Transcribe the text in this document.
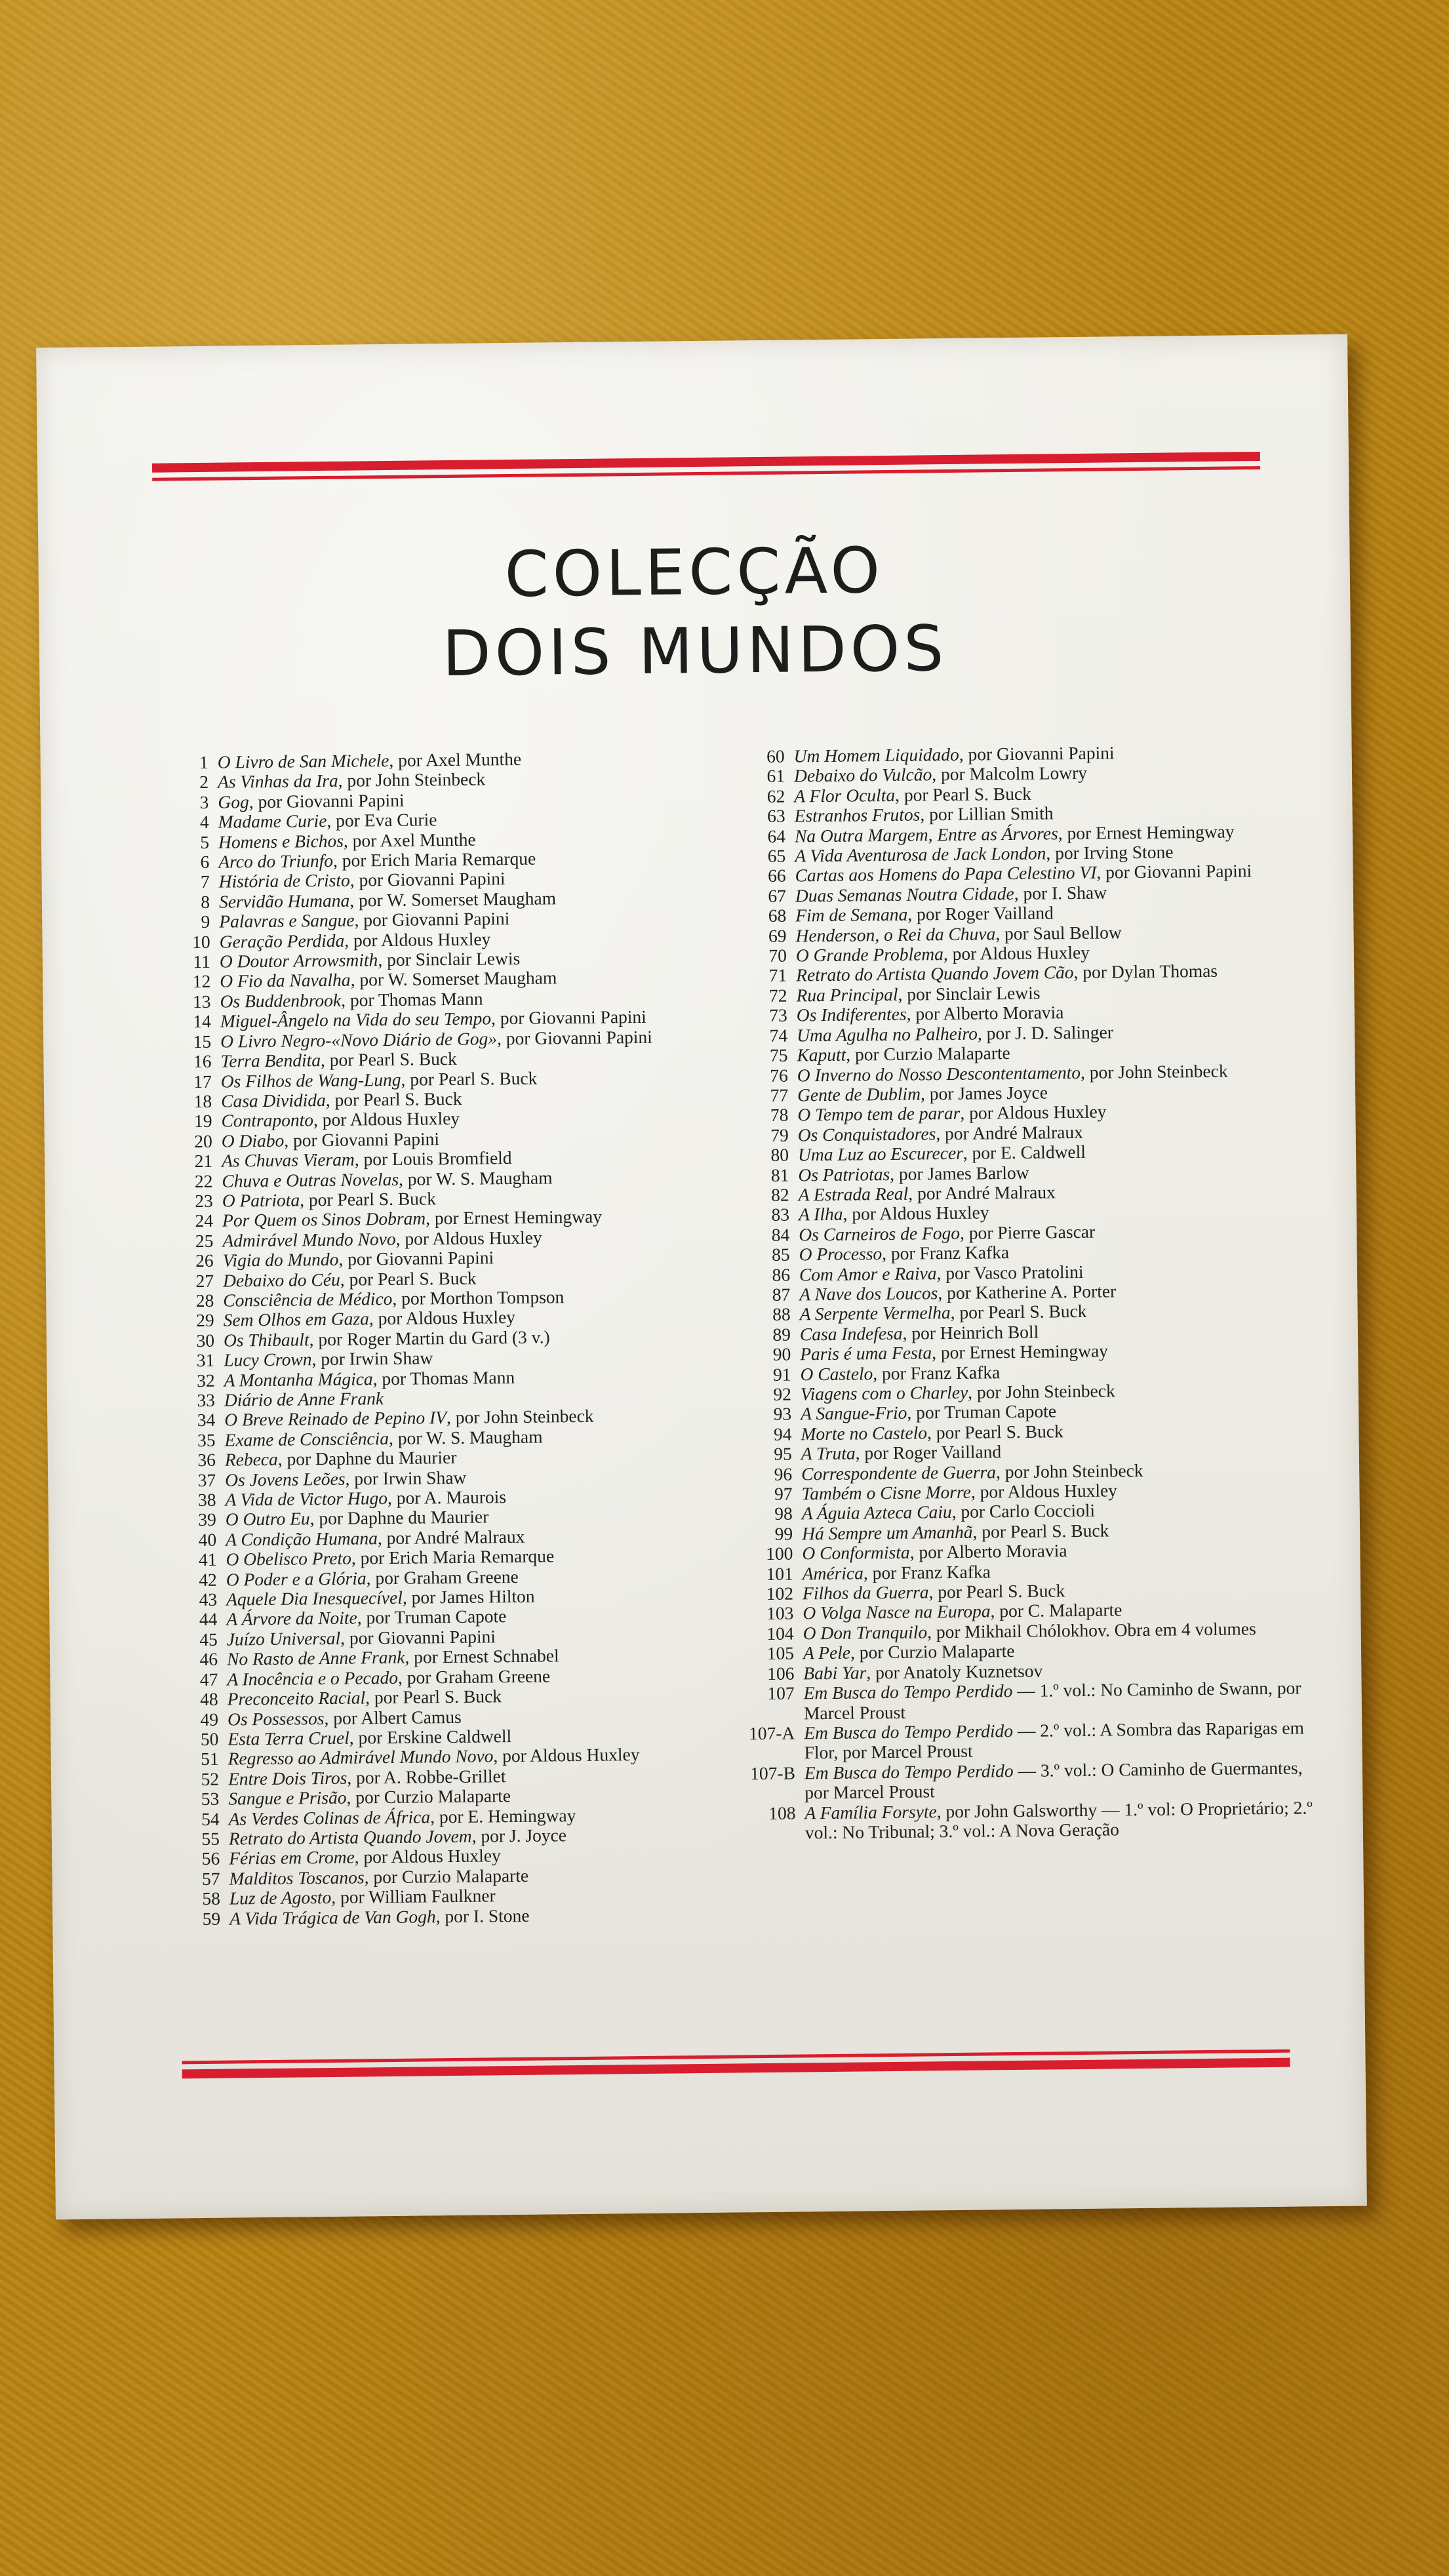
COLECÇÃO
DOIS MUNDOS
1 O Livro de San Michele, por Axel Munthe
2 As Vinhas da Ira, por John Steinbeck
3 Gog, por Giovanni Papini
4 Madame Curie, por Eva Curie
5 Homens e Bichos, por Axel Munthe
6 Arco do Triunfo, por Erich Maria Remarque
7 História de Cristo, por Giovanni Papini
8 Servidão Humana, por W. Somerset Maugham
9 Palavras e Sangue, por Giovanni Papini
10 Geração Perdida, por Aldous Huxley
11 O Doutor Arrowsmith, por Sinclair Lewis
12 O Fio da Navalha, por W. Somerset Maugham
13 Os Buddenbrook, por Thomas Mann
14 Miguel-Ângelo na Vida do seu Tempo, por Giovanni Papini
15 O Livro Negro-«Novo Diário de Gog», por Giovanni Papini
16 Terra Bendita, por Pearl S. Buck
17 Os Filhos de Wang-Lung, por Pearl S. Buck
18 Casa Dividida, por Pearl S. Buck
19 Contraponto, por Aldous Huxley
20 O Diabo, por Giovanni Papini
21 As Chuvas Vieram, por Louis Bromfield
22 Chuva e Outras Novelas, por W. S. Maugham
23 O Patriota, por Pearl S. Buck
24 Por Quem os Sinos Dobram, por Ernest Hemingway
25 Admirável Mundo Novo, por Aldous Huxley
26 Vigia do Mundo, por Giovanni Papini
27 Debaixo do Céu, por Pearl S. Buck
28 Consciência de Médico, por Morthon Tompson
29 Sem Olhos em Gaza, por Aldous Huxley
30 Os Thibault, por Roger Martin du Gard (3 v.)
31 Lucy Crown, por Irwin Shaw
32 A Montanha Mágica, por Thomas Mann
33 Diário de Anne Frank
34 O Breve Reinado de Pepino IV, por John Steinbeck
35 Exame de Consciência, por W. S. Maugham
36 Rebeca, por Daphne du Maurier
37 Os Jovens Leões, por Irwin Shaw
38 A Vida de Victor Hugo, por A. Maurois
39 O Outro Eu, por Daphne du Maurier
40 A Condição Humana, por André Malraux
41 O Obelisco Preto, por Erich Maria Remarque
42 O Poder e a Glória, por Graham Greene
43 Aquele Dia Inesquecível, por James Hilton
44 A Árvore da Noite, por Truman Capote
45 Juízo Universal, por Giovanni Papini
46 No Rasto de Anne Frank, por Ernest Schnabel
47 A Inocência e o Pecado, por Graham Greene
48 Preconceito Racial, por Pearl S. Buck
49 Os Possessos, por Albert Camus
50 Esta Terra Cruel, por Erskine Caldwell
51 Regresso ao Admirável Mundo Novo, por Aldous Huxley
52 Entre Dois Tiros, por A. Robbe-Grillet
53 Sangue e Prisão, por Curzio Malaparte
54 As Verdes Colinas de África, por E. Hemingway
55 Retrato do Artista Quando Jovem, por J. Joyce
56 Férias em Crome, por Aldous Huxley
57 Malditos Toscanos, por Curzio Malaparte
58 Luz de Agosto, por William Faulkner
59 A Vida Trágica de Van Gogh, por I. Stone
60 Um Homem Liquidado, por Giovanni Papini
61 Debaixo do Vulcão, por Malcolm Lowry
62 A Flor Oculta, por Pearl S. Buck
63 Estranhos Frutos, por Lillian Smith
64 Na Outra Margem, Entre as Árvores, por Ernest Hemingway
65 A Vida Aventurosa de Jack London, por Irving Stone
66 Cartas aos Homens do Papa Celestino VI, por Giovanni Papini
67 Duas Semanas Noutra Cidade, por I. Shaw
68 Fim de Semana, por Roger Vailland
69 Henderson, o Rei da Chuva, por Saul Bellow
70 O Grande Problema, por Aldous Huxley
71 Retrato do Artista Quando Jovem Cão, por Dylan Thomas
72 Rua Principal, por Sinclair Lewis
73 Os Indiferentes, por Alberto Moravia
74 Uma Agulha no Palheiro, por J. D. Salinger
75 Kaputt, por Curzio Malaparte
76 O Inverno do Nosso Descontentamento, por John Steinbeck
77 Gente de Dublim, por James Joyce
78 O Tempo tem de parar, por Aldous Huxley
79 Os Conquistadores, por André Malraux
80 Uma Luz ao Escurecer, por E. Caldwell
81 Os Patriotas, por James Barlow
82 A Estrada Real, por André Malraux
83 A Ilha, por Aldous Huxley
84 Os Carneiros de Fogo, por Pierre Gascar
85 O Processo, por Franz Kafka
86 Com Amor e Raiva, por Vasco Pratolini
87 A Nave dos Loucos, por Katherine A. Porter
88 A Serpente Vermelha, por Pearl S. Buck
89 Casa Indefesa, por Heinrich Boll
90 Paris é uma Festa, por Ernest Hemingway
91 O Castelo, por Franz Kafka
92 Viagens com o Charley, por John Steinbeck
93 A Sangue-Frio, por Truman Capote
94 Morte no Castelo, por Pearl S. Buck
95 A Truta, por Roger Vailland
96 Correspondente de Guerra, por John Steinbeck
97 Também o Cisne Morre, por Aldous Huxley
98 A Águia Azteca Caiu, por Carlo Coccioli
99 Há Sempre um Amanhã, por Pearl S. Buck
100 O Conformista, por Alberto Moravia
101 América, por Franz Kafka
102 Filhos da Guerra, por Pearl S. Buck
103 O Volga Nasce na Europa, por C. Malaparte
104 O Don Tranquilo, por Mikhail Chólokhov. Obra em 4 volumes
105 A Pele, por Curzio Malaparte
106 Babi Yar, por Anatoly Kuznetsov
107 Em Busca do Tempo Perdido — 1.º vol.: No Caminho de Swann, por Marcel Proust
107-A Em Busca do Tempo Perdido — 2.º vol.: A Sombra das Raparigas em Flor, por Marcel Proust
107-B Em Busca do Tempo Perdido — 3.º vol.: O Caminho de Guermantes, por Marcel Proust
108 A Família Forsyte, por John Galsworthy — 1.º vol: O Proprietário; 2.º vol.: No Tribunal; 3.º vol.: A Nova Geração
